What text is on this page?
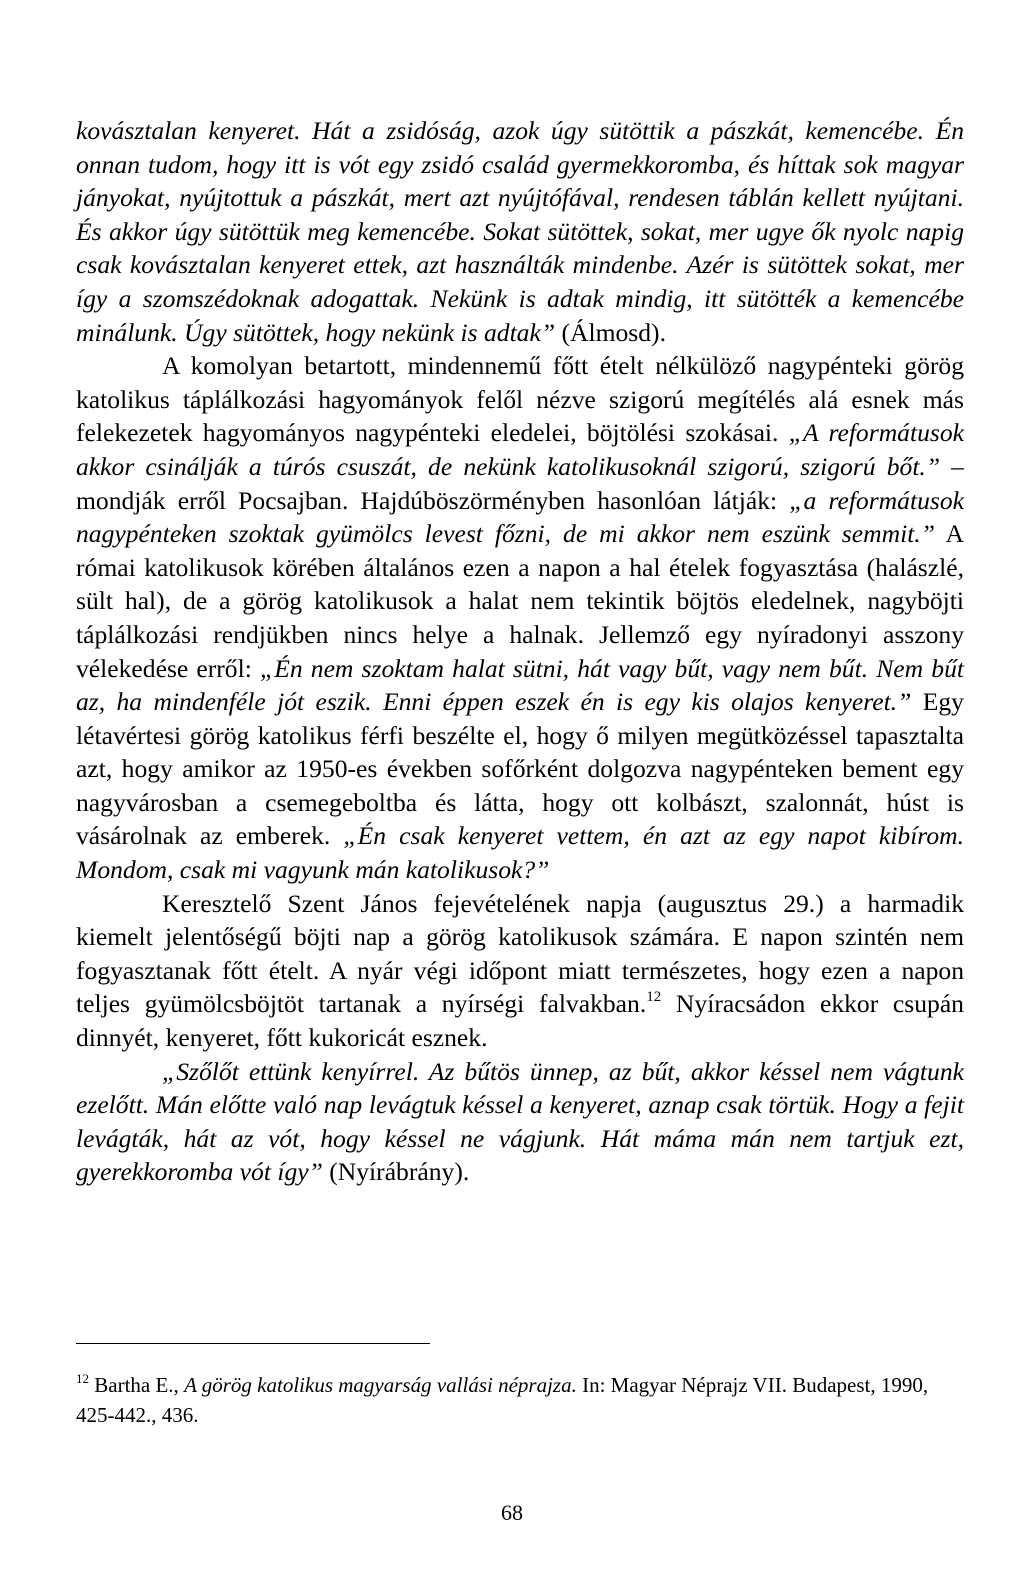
kovásztalan kenyeret. Hát a zsidóság, azok úgy sütöttik a pászkát, kemencébe. Én onnan tudom, hogy itt is vót egy zsidó család gyermekkoromba, és híttak sok magyar jányokat, nyújtottuk a pászkát, mert azt nyújtófával, rendesen táblán kellett nyújtani. És akkor úgy sütöttük meg kemencébe. Sokat sütöttek, sokat, mer ugye ők nyolc napig csak kovásztalan kenyeret ettek, azt használták mindenbe. Azér is sütöttek sokat, mer így a szomszédoknak adogattak. Nekünk is adtak mindig, itt sütötték a kemencébe minálunk. Úgy sütöttek, hogy nekünk is adtak” (Álmosd).

A komolyan betartott, mindennemű főtt ételt nélkülöző nagypénteki görög katolikus táplálkozási hagyományok felől nézve szigorú megítélés alá esnek más felekezetek hagyományos nagypénteki eledelei, böjtölési szokásai. „A reformátusok akkor csinálják a túrós csuszát, de nekünk katolikusoknál szigorú, szigorú bőt.” – mondják erről Pocsajban. Hajdúböszörményben hasonlóan látják: „a reformátusok nagypénteken szoktak gyümölcs levest főzni, de mi akkor nem eszünk semmit.” A római katolikusok körében általános ezen a napon a hal ételek fogyasztása (halászlé, sült hal), de a görög katolikusok a halat nem tekintik böjtös eledelnek, nagyböjti táplálkozási rendjükben nincs helye a halnak. Jellemző egy nyíradonyi asszony vélekedése erről: „Én nem szoktam halat sütni, hát vagy bűt, vagy nem bűt. Nem bűt az, ha mindenféle jót eszik. Enni éppen eszek én is egy kis olajos kenyeret.” Egy létavértesi görög katolikus férfi beszélte el, hogy ő milyen megütközéssel tapasztalta azt, hogy amikor az 1950-es években sofőrként dolgozva nagypénteken bement egy nagyvárosban a csemegeboltba és látta, hogy ott kolbászt, szalonnát, húst is vásárolnak az emberek. „Én csak kenyeret vettem, én azt az egy napot kibírom. Mondom, csak mi vagyunk mán katolikusok?”

Keresztelő Szent János fejevételének napja (augusztus 29.) a harmadik kiemelt jelentőségű böjti nap a görög katolikusok számára. E napon szintén nem fogyasztanak főtt ételt. A nyár végi időpont miatt természetes, hogy ezen a napon teljes gyümölcsböjtöt tartanak a nyírségi falvakban.$^{12}$ Nyíracsádon ekkor csupán dinnyét, kenyeret, főtt kukoricát esznek.

„Szőlőt ettünk kenyírrel. Az bűtös ünnep, az bűt, akkor késsel nem vágtunk ezelőtt. Mán előtte való nap levágtuk késsel a kenyeret, aznap csak törtük. Hogy a fejit levágták, hát az vót, hogy késsel ne vágjunk. Hát máma mán nem tartjuk ezt, gyerekkoromba vót így” (Nyírábrány).

$^{12}$ Bartha E., A görög katolikus magyarság vallási néprajza. In: Magyar Néprajz VII. Budapest, 1990, 425-442., 436.
68
